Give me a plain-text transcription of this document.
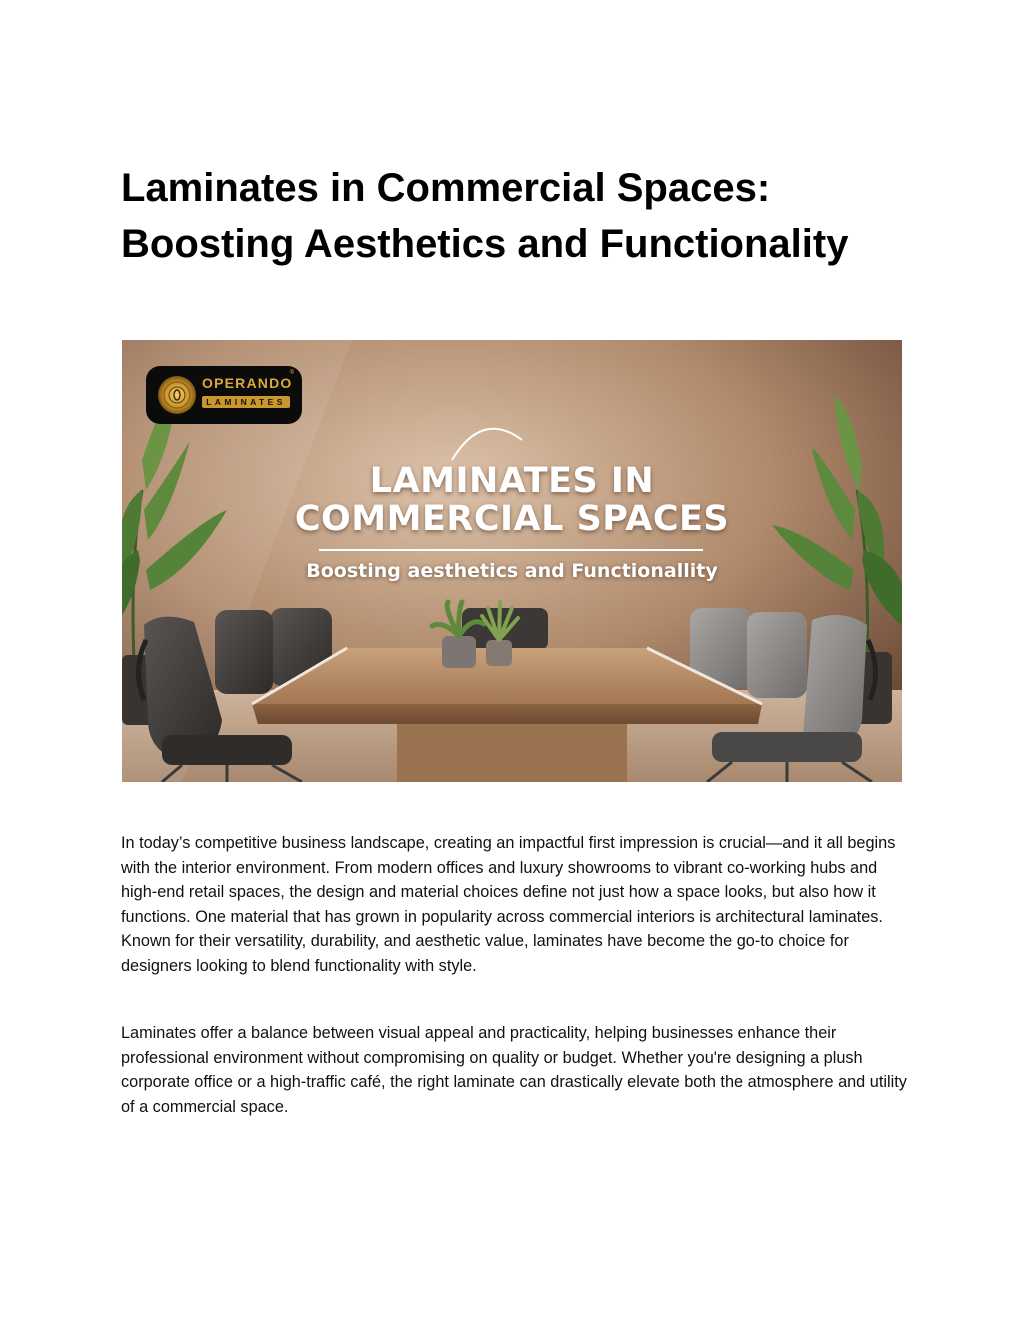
Laminates in Commercial Spaces: Boosting Aesthetics and Functionality
OPERANDO
LAMINATES
®
LAMINATES IN
COMMERCIAL SPACES
Boosting aesthetics and Functionallity

In today’s competitive business landscape, creating an impactful first impression is crucial—and it all begins with the interior environment. From modern offices and luxury showrooms to vibrant co-working hubs and high-end retail spaces, the design and material choices define not just how a space looks, but also how it functions. One material that has grown in popularity across commercial interiors is architectural laminates. Known for their versatility, durability, and aesthetic value, laminates have become the go-to choice for designers looking to blend functionality with style.

Laminates offer a balance between visual appeal and practicality, helping businesses enhance their professional environment without compromising on quality or budget. Whether you're designing a plush corporate office or a high-traffic café, the right laminate can drastically elevate both the atmosphere and utility of a commercial space.
